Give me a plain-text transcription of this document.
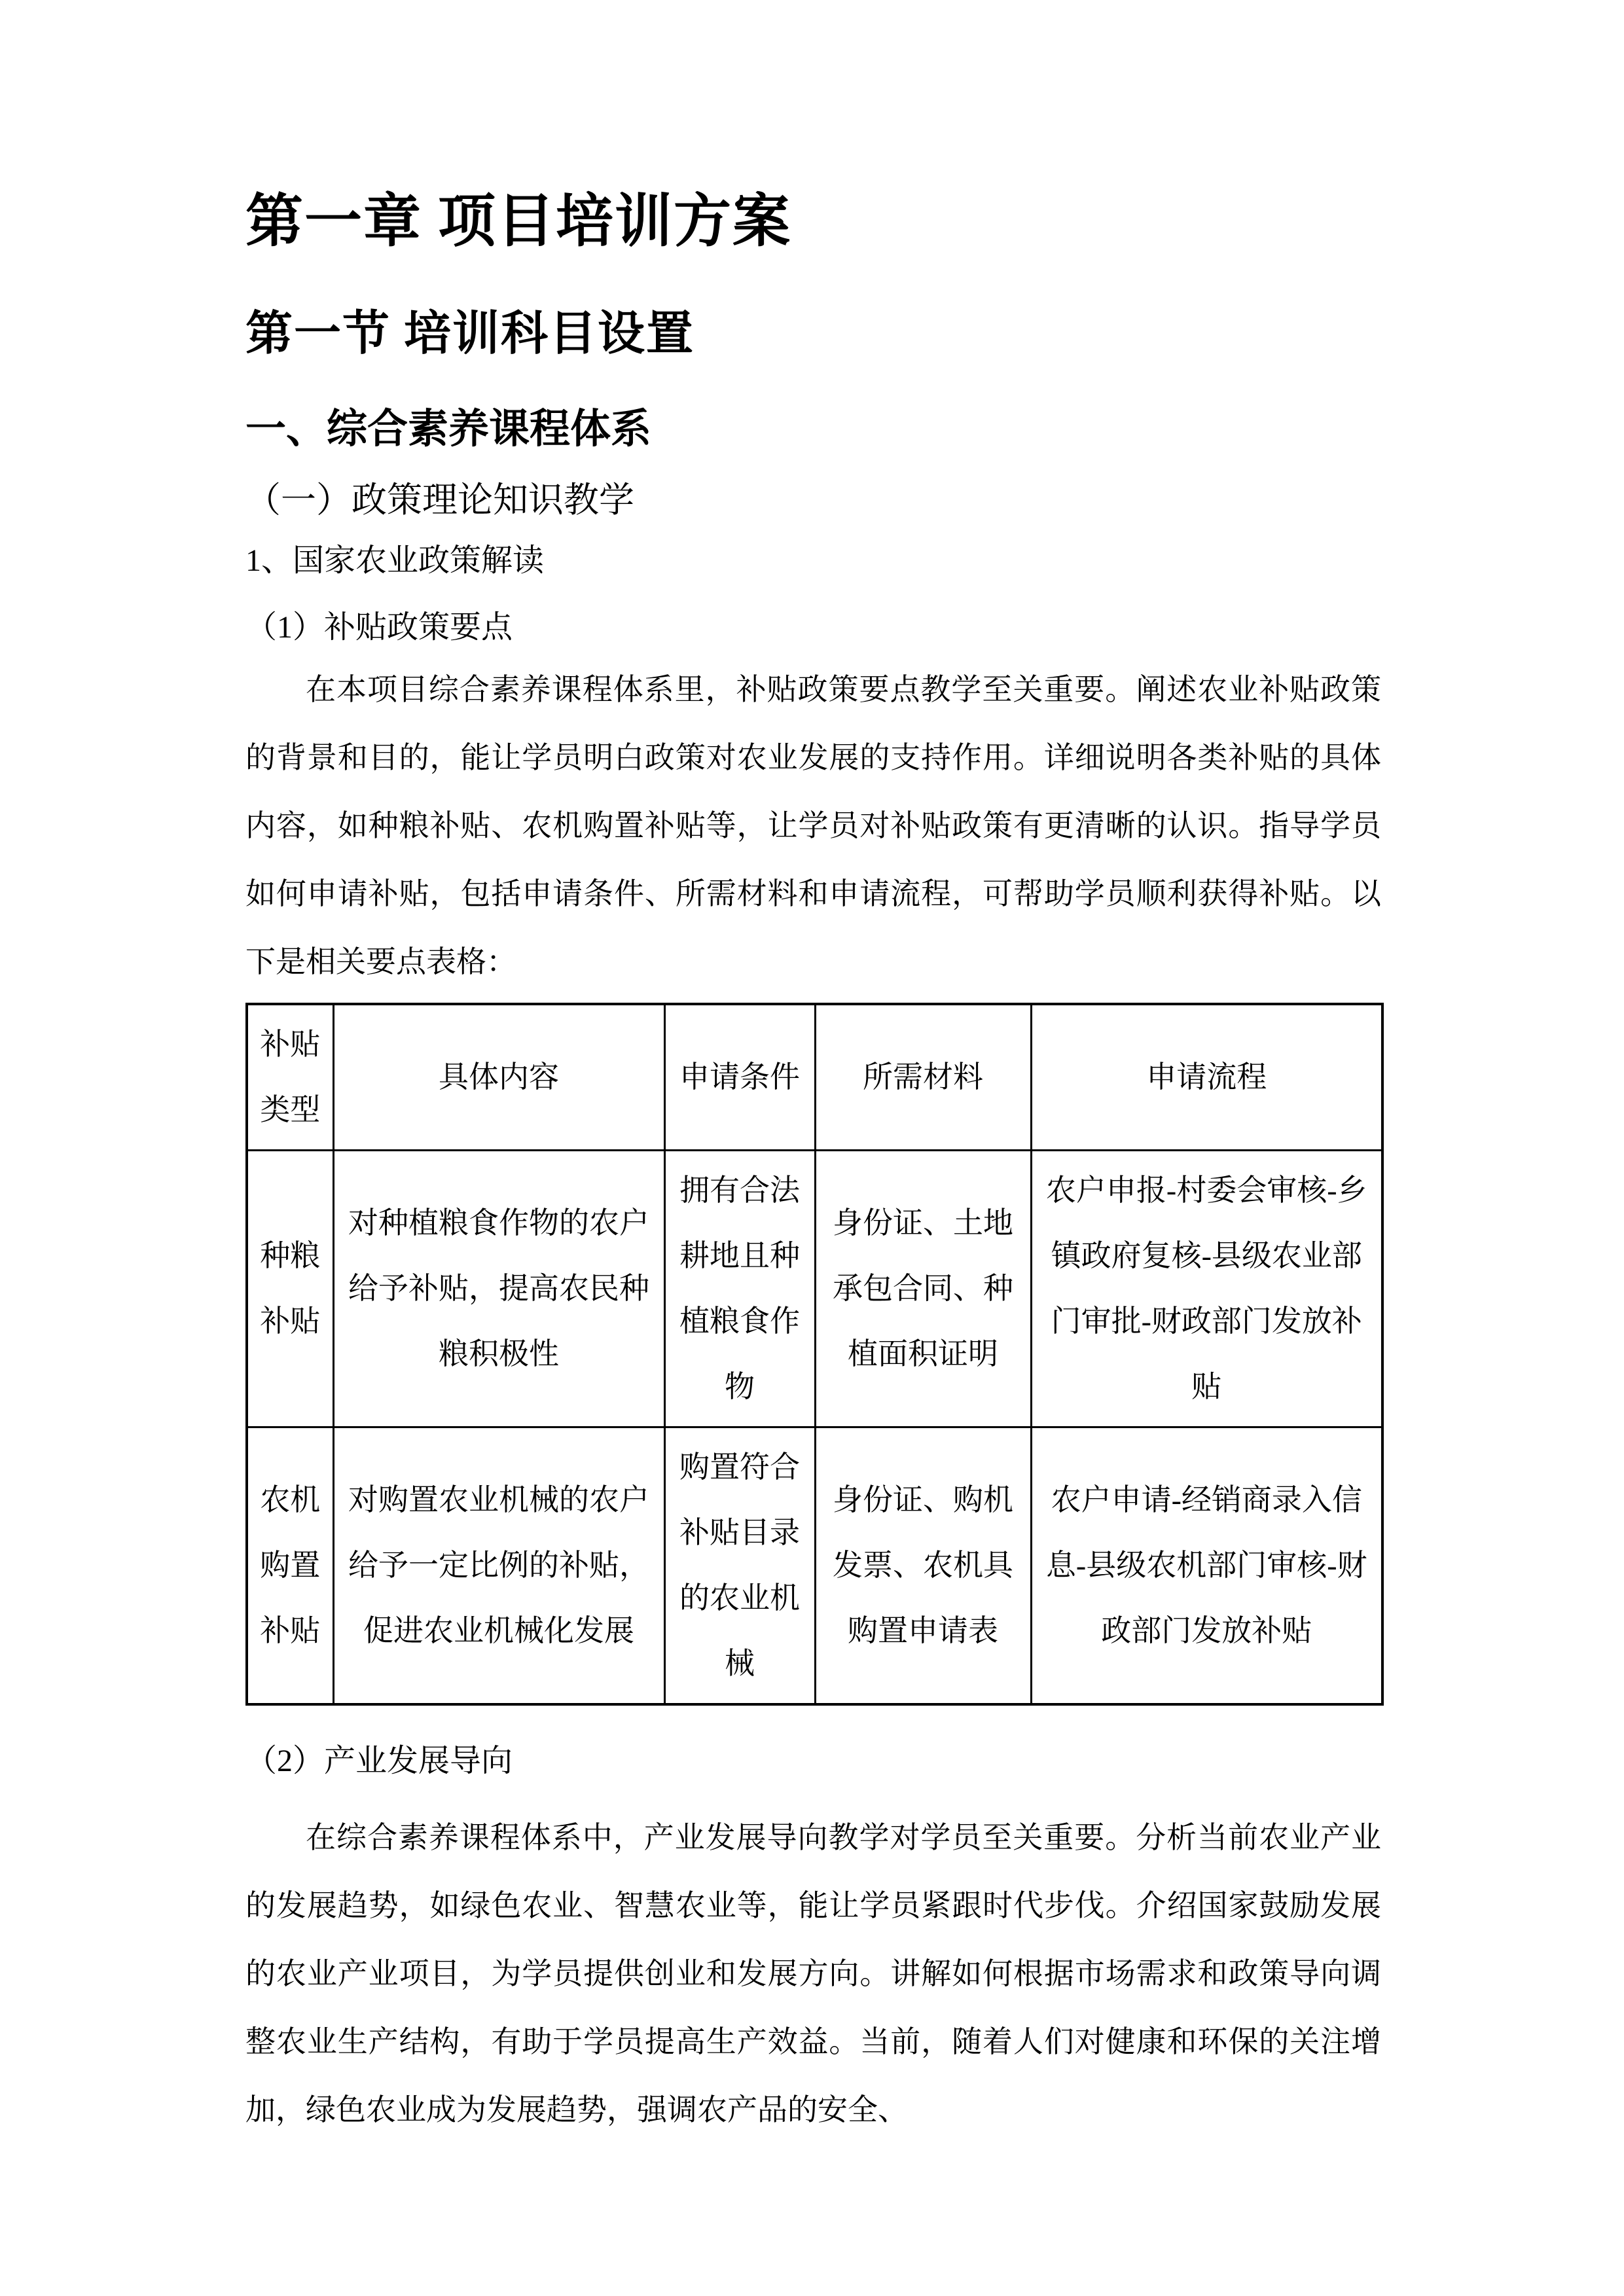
第一章 项目培训方案
第一节 培训科目设置
一、综合素养课程体系
（一）政策理论知识教学
1、国家农业政策解读
（1）补贴政策要点

在本项目综合素养课程体系里，补贴政策要点教学至关重要。阐述农业补贴政策的背景和目的，能让学员明白政策对农业发展的支持作用。详细说明各类补贴的具体内容，如种粮补贴、农机购置补贴等，让学员对补贴政策有更清晰的认识。指导学员如何申请补贴，包括申请条件、所需材料和申请流程，可帮助学员顺利获得补贴。以下是相关要点表格：

补贴类型	具体内容	申请条件	所需材料	申请流程
种粮补贴	对种植粮食作物的农户给予补贴，提高农民种粮积极性	拥有合法耕地且种植粮食作物	身份证、土地承包合同、种植面积证明	农户申报-村委会审核-乡镇政府复核-县级农业部门审批-财政部门发放补贴
农机购置补贴	对购置农业机械的农户给予一定比例的补贴，促进农业机械化发展	购置符合补贴目录的农业机械	身份证、购机发票、农机具购置申请表	农户申请-经销商录入信息-县级农机部门审核-财政部门发放补贴
（2）产业发展导向

在综合素养课程体系中，产业发展导向教学对学员至关重要。分析当前农业产业的发展趋势，如绿色农业、智慧农业等，能让学员紧跟时代步伐。介绍国家鼓励发展的农业产业项目，为学员提供创业和发展方向。讲解如何根据市场需求和政策导向调整农业生产结构，有助于学员提高生产效益。当前，随着人们对健康和环保的关注增加，绿色农业成为发展趋势，强调农产品的安全、
